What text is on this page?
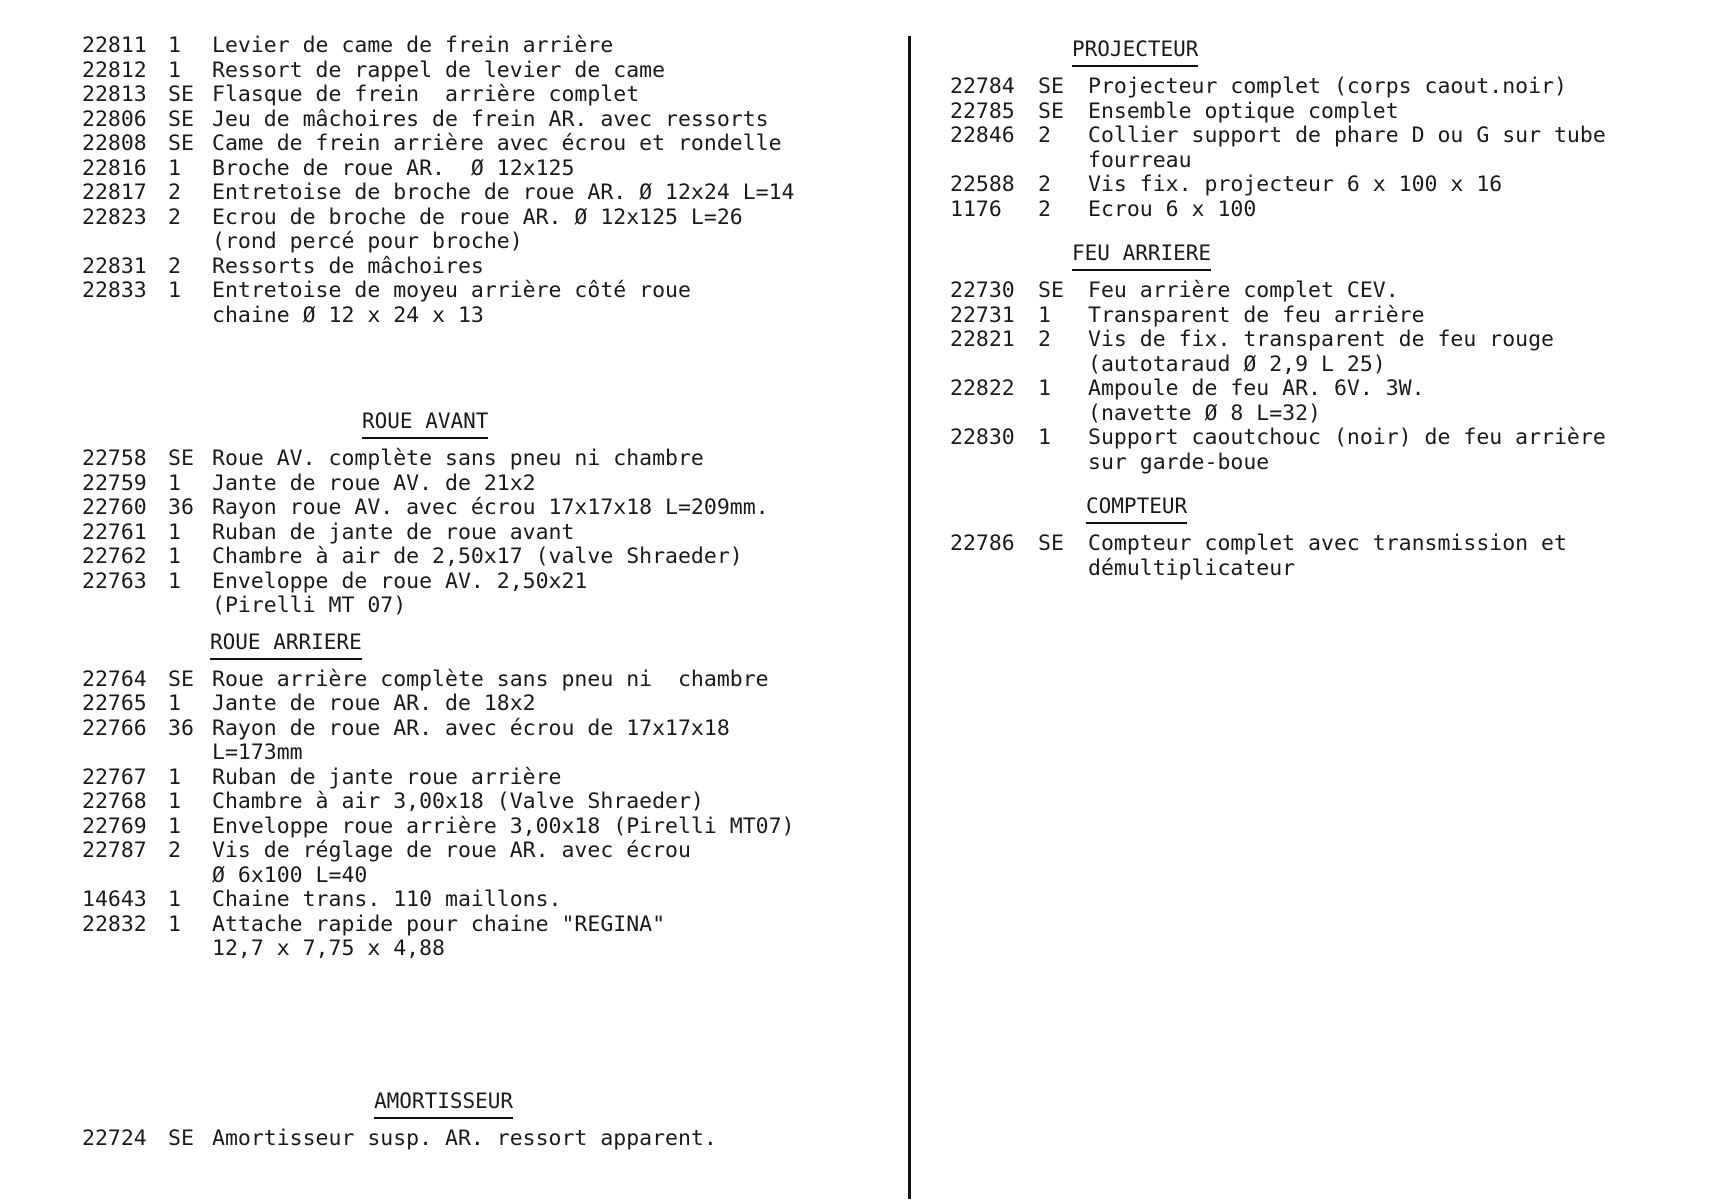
22811 1	Levier de came de frein arrière
22812 1	Ressort de rappel de levier de came
22813 SE Flasque de frein  arrière complet
22806 SE Jeu de mâchoires de frein AR. avec ressorts
22808 SE Came de frein arrière avec écrou et rondelle
22816 1	Broche de roue AR.  Ø 12x125
22817 2	Entretoise de broche de roue AR. Ø 12x24 L=14
22823 2	Ecrou de broche de roue AR. Ø 12x125 L=26
(rond percé pour broche)
22831 2	Ressorts de mâchoires
22833 1	Entretoise de moyeu arrière côté roue
chaine Ø 12 x 24 x 13
ROUE AVANT
22758 SE Roue AV. complète sans pneu ni chambre
22759 1	Jante de roue AV. de 21x2
22760 36 Rayon roue AV. avec écrou 17x17x18 L=209mm.
22761 1	Ruban de jante de roue avant
22762 1	Chambre à air de 2,50x17 (valve Shraeder)
22763 1	Enveloppe de roue AV. 2,50x21
(Pirelli MT 07)
ROUE ARRIERE
22764 SE Roue arrière complète sans pneu ni  chambre
22765 1	Jante de roue AR. de 18x2
22766 36 Rayon de roue AR. avec écrou de 17x17x18
L=173mm
22767 1	Ruban de jante roue arrière
22768 1	Chambre à air 3,00x18 (Valve Shraeder)
22769 1	Enveloppe roue arrière 3,00x18 (Pirelli MT07)
22787 2	Vis de réglage de roue AR. avec écrou
Ø 6x100 L=40
14643 1	Chaine trans. 110 maillons.
22832 1	Attache rapide pour chaine "REGINA"
12,7 x 7,75 x 4,88
AMORTISSEUR
22724 SE Amortisseur susp. AR. ressort apparent.
PROJECTEUR
22784	SE	Projecteur complet (corps caout.noir)
22785	SE	Ensemble optique complet
22846	2	Collier support de phare D ou G sur tube
fourreau
22588	2	Vis fix. projecteur 6 x 100 x 16
1176	2	Ecrou 6 x 100
FEU ARRIERE
22730	SE	Feu arrière complet CEV.
22731	1	Transparent de feu arrière
22821	2	Vis de fix. transparent de feu rouge
(autotaraud Ø 2,9 L 25)
22822	1	Ampoule de feu AR. 6V. 3W.
(navette Ø 8 L=32)
22830	1	Support caoutchouc (noir) de feu arrière
sur garde-boue
COMPTEUR
22786	SE	Compteur complet avec transmission et
démultiplicateur
